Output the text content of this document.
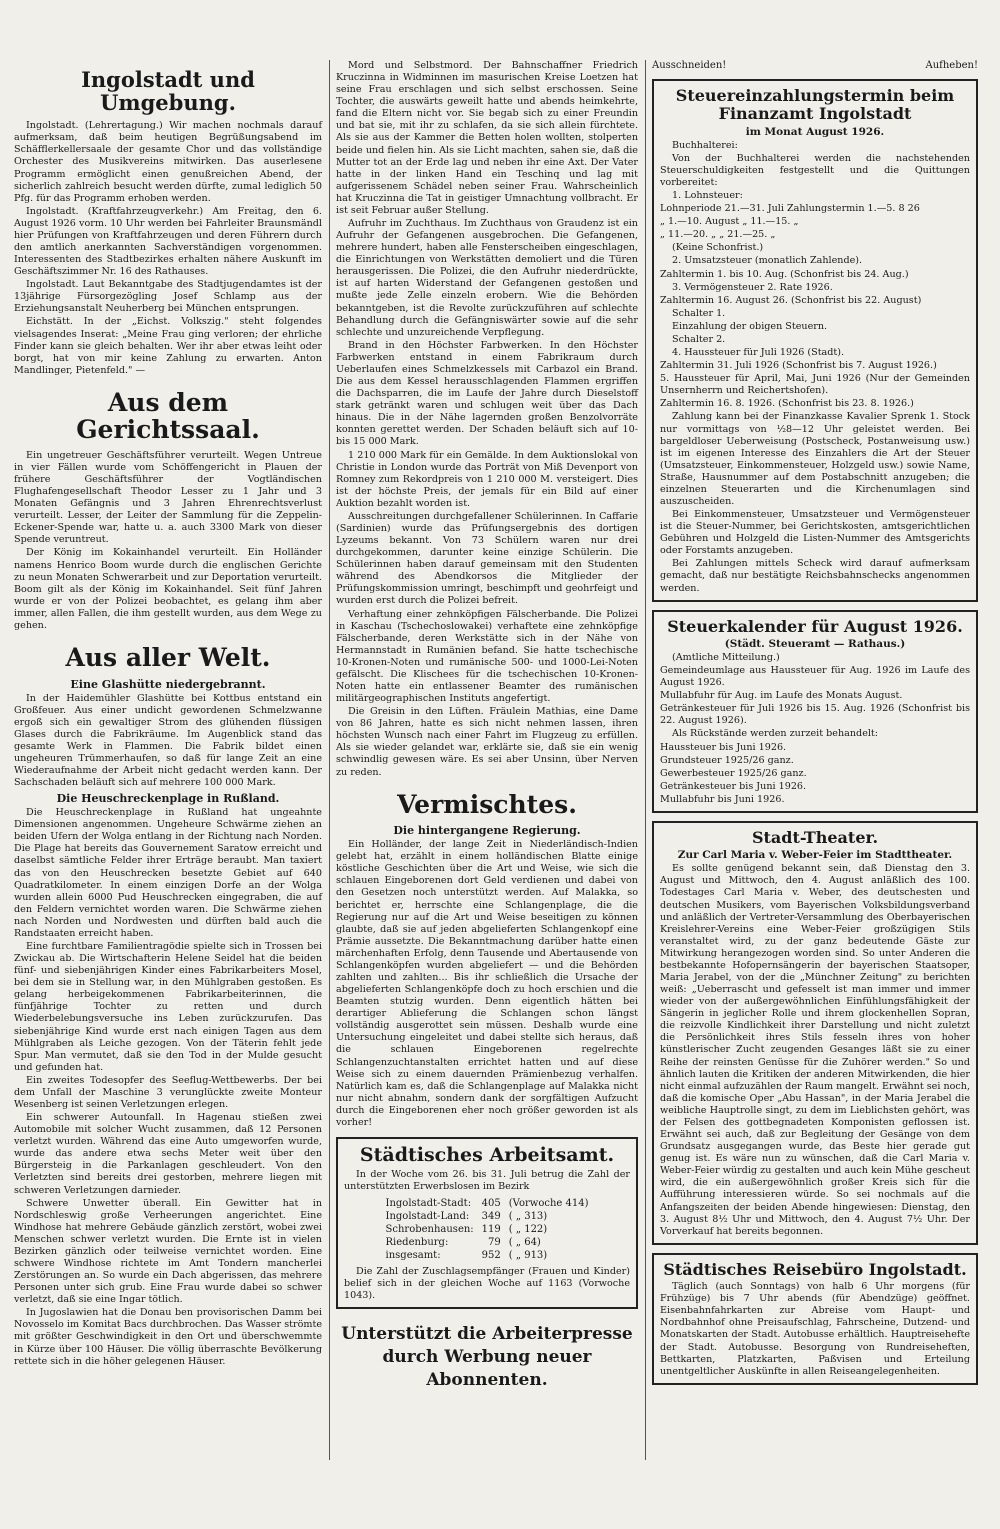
Ingolstadt und Umgebung.

Ingolstadt. (Lehrertagung.) Wir machen nochmals darauf aufmerksam, daß beim heutigen Begrüßungsabend im Schäfflerkellersaale der gesamte Chor und das vollständige Orchester des Musikvereins mitwirken. Das auserlesene Programm ermöglicht einen genußreichen Abend, der sicherlich zahlreich besucht werden dürfte, zumal lediglich 50 Pfg. für das Programm erhoben werden.

Ingolstadt. (Kraftfahrzeugverkehr.) Am Freitag, den 6. August 1926 vorm. 10 Uhr werden bei Fahrleiter Braunsmändl hier Prüfungen von Kraftfahrzeugen und deren Führern durch den amtlich anerkannten Sachverständigen vorgenommen. Interessenten des Stadtbezirkes erhalten nähere Auskunft im Geschäftszimmer Nr. 16 des Rathauses.

Ingolstadt. Laut Bekanntgabe des Stadtjugendamtes ist der 13jährige Fürsorgezögling Josef Schlamp aus der Erziehungsanstalt Neuherberg bei München entsprungen.

Eichstätt. In der „Eichst. Volkszig." steht folgendes vielsagendes Inserat: „Meine Frau ging verloren; der ehrliche Finder kann sie gleich behalten. Wer ihr aber etwas leiht oder borgt, hat von mir keine Zahlung zu erwarten. Anton Mandlinger, Pietenfeld." —

Aus dem Gerichtssaal.

Ein ungetreuer Geschäftsführer verurteilt. Wegen Untreue in vier Fällen wurde vom Schöffengericht in Plauen der frühere Geschäftsführer der Vogtländischen Flughafengesellschaft Theodor Lesser zu 1 Jahr und 3 Monaten Gefängnis und 3 Jahren Ehrenrechtsverlust verurteilt. Lesser, der Leiter der Sammlung für die Zeppelin-Eckener-Spende war, hatte u. a. auch 3300 Mark von dieser Spende veruntreut.

Der König im Kokainhandel verurteilt. Ein Holländer namens Henrico Boom wurde durch die englischen Gerichte zu neun Monaten Schwerarbeit und zur Deportation verurteilt. Boom gilt als der König im Kokainhandel. Seit fünf Jahren wurde er von der Polizei beobachtet, es gelang ihm aber immer, allen Fallen, die ihm gestellt wurden, aus dem Wege zu gehen.

Aus aller Welt.
Eine Glashütte niedergebrannt.

In der Haidemühler Glashütte bei Kottbus entstand ein Großfeuer. Aus einer undicht gewordenen Schmelzwanne ergoß sich ein gewaltiger Strom des glühenden flüssigen Glases durch die Fabrikräume. Im Augenblick stand das gesamte Werk in Flammen. Die Fabrik bildet einen ungeheuren Trümmerhaufen, so daß für lange Zeit an eine Wiederaufnahme der Arbeit nicht gedacht werden kann. Der Sachschaden beläuft sich auf mehrere 100 000 Mark.

Die Heuschreckenplage in Rußland.

Die Heuschreckenplage in Rußland hat ungeahnte Dimensionen angenommen. Ungeheure Schwärme ziehen an beiden Ufern der Wolga entlang in der Richtung nach Norden. Die Plage hat bereits das Gouvernement Saratow erreicht und daselbst sämtliche Felder ihrer Erträge beraubt. Man taxiert das von den Heuschrecken besetzte Gebiet auf 640 Quadratkilometer. In einem einzigen Dorfe an der Wolga wurden allein 6000 Pud Heuschrecken eingegraben, die auf den Feldern vernichtet worden waren. Die Schwärme ziehen nach Norden und Nordwesten und dürften bald auch die Randstaaten erreicht haben.

Eine furchtbare Familientragödie spielte sich in Trossen bei Zwickau ab. Die Wirtschafterin Helene Seidel hat die beiden fünf- und siebenjährigen Kinder eines Fabrikarbeiters Mosel, bei dem sie in Stellung war, in den Mühlgraben gestoßen. Es gelang herbeigekommenen Fabrikarbeiterinnen, die fünfjährige Tochter zu retten und durch Wiederbelebungsversuche ins Leben zurückzurufen. Das siebenjährige Kind wurde erst nach einigen Tagen aus dem Mühlgraben als Leiche gezogen. Von der Täterin fehlt jede Spur. Man vermutet, daß sie den Tod in der Mulde gesucht und gefunden hat.

Ein zweites Todesopfer des Seeflug-Wettbewerbs. Der bei dem Unfall der Maschine 3 verunglückte zweite Monteur Wesenberg ist seinen Verletzungen erlegen.

Ein schwerer Autounfall. In Hagenau stießen zwei Automobile mit solcher Wucht zusammen, daß 12 Personen verletzt wurden. Während das eine Auto umgeworfen wurde, wurde das andere etwa sechs Meter weit über den Bürgersteig in die Parkanlagen geschleudert. Von den Verletzten sind bereits drei gestorben, mehrere liegen mit schweren Verletzungen darnieder.

Schwere Unwetter überall. Ein Gewitter hat in Nordschleswig große Verheerungen angerichtet. Eine Windhose hat mehrere Gebäude gänzlich zerstört, wobei zwei Menschen schwer verletzt wurden. Die Ernte ist in vielen Bezirken gänzlich oder teilweise vernichtet worden. Eine schwere Windhose richtete im Amt Tondern mancherlei Zerstörungen an. So wurde ein Dach abgerissen, das mehrere Personen unter sich grub. Eine Frau wurde dabei so schwer verletzt, daß sie eine Ingar tötlich.

In Jugoslawien hat die Donau ben provisorischen Damm bei Novosselo im Komitat Bacs durchbrochen. Das Wasser strömte mit größter Geschwindigkeit in den Ort und überschwemmte in Kürze über 100 Häuser. Die völlig überraschte Bevölkerung rettete sich in die höher gelegenen Häuser.

Mord und Selbstmord. Der Bahnschaffner Friedrich Kruczinna in Widminnen im masurischen Kreise Loetzen hat seine Frau erschlagen und sich selbst erschossen. Seine Tochter, die auswärts geweilt hatte und abends heimkehrte, fand die Eltern nicht vor. Sie begab sich zu einer Freundin und bat sie, mit ihr zu schlafen, da sie sich allein fürchtete. Als sie aus der Kammer die Betten holen wollten, stolperten beide und fielen hin. Als sie Licht machten, sahen sie, daß die Mutter tot an der Erde lag und neben ihr eine Axt. Der Vater hatte in der linken Hand ein Teschinq und lag mit aufgerissenem Schädel neben seiner Frau. Wahrscheinlich hat Kruczinna die Tat in geistiger Umnachtung vollbracht. Er ist seit Februar außer Stellung.

Aufruhr im Zuchthaus. Im Zuchthaus von Graudenz ist ein Aufruhr der Gefangenen ausgebrochen. Die Gefangenen, mehrere hundert, haben alle Fensterscheiben eingeschlagen, die Einrichtungen von Werkstätten demoliert und die Türen herausgerissen. Die Polizei, die den Aufruhr niederdrückte, ist auf harten Widerstand der Gefangenen gestoßen und mußte jede Zelle einzeln erobern. Wie die Behörden bekanntgeben, ist die Revolte zurückzuführen auf schlechte Behandlung durch die Gefängniswärter sowie auf die sehr schlechte und unzureichende Verpflegung.

Brand in den Höchster Farbwerken. In den Höchster Farbwerken entstand in einem Fabrikraum durch Ueberlaufen eines Schmelzkessels mit Carbazol ein Brand. Die aus dem Kessel herausschlagenden Flammen ergriffen die Dachsparren, die im Laufe der Jahre durch Dieselstoff stark getränkt waren und schlugen weit über das Dach hinaus. Die in der Nähe lagernden großen Benzolvorräte konnten gerettet werden. Der Schaden beläuft sich auf 10- bis 15 000 Mark.

1 210 000 Mark für ein Gemälde. In dem Auktionslokal von Christie in London wurde das Porträt von Miß Devenport von Romney zum Rekordpreis von 1 210 000 M. versteigert. Dies ist der höchste Preis, der jemals für ein Bild auf einer Auktion bezahlt worden ist.

Ausschreitungen durchgefallener Schülerinnen. In Caffarie (Sardinien) wurde das Prüfungsergebnis des dortigen Lyzeums bekannt. Von 73 Schülern waren nur drei durchgekommen, darunter keine einzige Schülerin. Die Schülerinnen haben darauf gemeinsam mit den Studenten während des Abendkorsos die Mitglieder der Prüfungskommission umringt, beschimpft und geohrfeigt und wurden erst durch die Polizei befreit.

Verhaftung einer zehnköpfigen Fälscherbande. Die Polizei in Kaschau (Tschechoslowakei) verhaftete eine zehnköpfige Fälscherbande, deren Werkstätte sich in der Nähe von Hermannstadt in Rumänien befand. Sie hatte tschechische 10-Kronen-Noten und rumänische 500- und 1000-Lei-Noten gefälscht. Die Klischees für die tschechischen 10-Kronen-Noten hatte ein entlassener Beamter des rumänischen militärgeographischen Instituts angefertigt.

Die Greisin in den Lüften. Fräulein Mathias, eine Dame von 86 Jahren, hatte es sich nicht nehmen lassen, ihren höchsten Wunsch nach einer Fahrt im Flugzeug zu erfüllen. Als sie wieder gelandet war, erklärte sie, daß sie ein wenig schwindlig gewesen wäre. Es sei aber Unsinn, über Nerven zu reden.

Vermischtes.
Die hintergangene Regierung.

Ein Holländer, der lange Zeit in Niederländisch-Indien gelebt hat, erzählt in einem holländischen Blatte einige köstliche Geschichten über die Art und Weise, wie sich die schlauen Eingeborenen dort Geld verdienen und dabei von den Gesetzen noch unterstützt werden. Auf Malakka, so berichtet er, herrschte eine Schlangenplage, die die Regierung nur auf die Art und Weise beseitigen zu können glaubte, daß sie auf jeden abgelieferten Schlangenkopf eine Prämie aussetzte. Die Bekanntmachung darüber hatte einen märchenhaften Erfolg, denn Tausende und Abertausende von Schlangenköpfen wurden abgeliefert — und die Behörden zahlten und zahlten... Bis ihr schließlich die Ursache der abgelieferten Schlangenköpfe doch zu hoch erschien und die Beamten stutzig wurden. Denn eigentlich hätten bei derartiger Ablieferung die Schlangen schon längst vollständig ausgerottet sein müssen. Deshalb wurde eine Untersuchung eingeleitet und dabei stellte sich heraus, daß die schlauen Eingeborenen regelrechte Schlangenzuchtanstalten errichtet hatten und auf diese Weise sich zu einem dauernden Prämienbezug verhalfen. Natürlich kam es, daß die Schlangenplage auf Malakka nicht nur nicht abnahm, sondern dank der sorgfältigen Aufzucht durch die Eingeborenen eher noch größer geworden ist als vorher!

Städtisches Arbeitsamt.

In der Woche vom 26. bis 31. Juli betrug die Zahl der unterstützten Erwerbslosen im Bezirk

Ingolstadt-Stadt:	405	(Vorwoche 414)
Ingolstadt-Land:	349	( „ 313)
Schrobenhausen:	119	( „ 122)
Riedenburg:	79	( „ 64)
insgesamt:	952	( „ 913)

Die Zahl der Zuschlagsempfänger (Frauen und Kinder) belief sich in der gleichen Woche auf 1163 (Vorwoche 1043).

Unterstützt die Arbeiterpresse durch Werbung neuer Abonnenten.
Ausschneiden!	Aufheben!
Steuereinzahlungstermin beim Finanzamt Ingolstadt
im Monat August 1926.

Buchhalterei:

Von der Buchhalterei werden die nachstehenden Steuerschuldigkeiten festgestellt und die Quittungen vorbereitet:

1. Lohnsteuer:

Lohnperiode 21.—31. Juli Zahlungstermin 1.—5. 8 26

„ 1.—10. August „ 11.—15. „

„ 11.—20. „ „ 21.—25. „

(Keine Schonfrist.)

2. Umsatzsteuer (monatlich Zahlende).

Zahltermin 1. bis 10. Aug. (Schonfrist bis 24. Aug.)

3. Vermögensteuer 2. Rate 1926.

Zahltermin 16. August 26. (Schonfrist bis 22. August)

Schalter 1.

Einzahlung der obigen Steuern.

Schalter 2.

4. Haussteuer für Juli 1926 (Stadt).

Zahltermin 31. Juli 1926 (Schonfrist bis 7. August 1926.)

5. Haussteuer für April, Mai, Juni 1926 (Nur der Gemeinden Unsernherrn und Reichertshofen).

Zahltermin 16. 8. 1926. (Schonfrist bis 23. 8. 1926.)

Zahlung kann bei der Finanzkasse Kavalier Sprenk 1. Stock nur vormittags von ½8—12 Uhr geleistet werden. Bei bargeldloser Ueberweisung (Postscheck, Postanweisung usw.) ist im eigenen Interesse des Einzahlers die Art der Steuer (Umsatzsteuer, Einkommensteuer, Holzgeld usw.) sowie Name, Straße, Hausnummer auf dem Postabschnitt anzugeben; die einzelnen Steuerarten und die Kirchenumlagen sind auszuscheiden.

Bei Einkommensteuer, Umsatzsteuer und Vermögensteuer ist die Steuer-Nummer, bei Gerichtskosten, amtsgerichtlichen Gebühren und Holzgeld die Listen-Nummer des Amtsgerichts oder Forstamts anzugeben.

Bei Zahlungen mittels Scheck wird darauf aufmerksam gemacht, daß nur bestätigte Reichsbahnschecks angenommen werden.

Steuerkalender für August 1926.
(Städt. Steueramt — Rathaus.)

(Amtliche Mitteilung.)

Gemeindeumlage aus Haussteuer für Aug. 1926 im Laufe des August 1926.

Mullabfuhr für Aug. im Laufe des Monats August.

Getränkesteuer für Juli 1926 bis 15. Aug. 1926 (Schonfrist bis 22. August 1926).

Als Rückstände werden zurzeit behandelt:

Haussteuer bis Juni 1926.

Grundsteuer 1925/26 ganz.

Gewerbesteuer 1925/26 ganz.

Getränkesteuer bis Juni 1926.

Mullabfuhr bis Juni 1926.

Stadt-Theater.
Zur Carl Maria v. Weber-Feier im Stadttheater.

Es sollte genügend bekannt sein, daß Dienstag den 3. August und Mittwoch, den 4. August anläßlich des 100. Todestages Carl Maria v. Weber, des deutschesten und deutschen Musikers, vom Bayerischen Volksbildungsverband und anläßlich der Vertreter-Versammlung des Oberbayerischen Kreislehrer-Vereins eine Weber-Feier großzügigen Stils veranstaltet wird, zu der ganz bedeutende Gäste zur Mitwirkung herangezogen worden sind. So unter Anderen die bestbekannte Hofopernsängerin der bayerischen Staatsoper, Maria Jerabel, von der die „Münchner Zeitung" zu berichten weiß: „Ueberrascht und gefesselt ist man immer und immer wieder von der außergewöhnlichen Einfühlungsfähigkeit der Sängerin in jeglicher Rolle und ihrem glockenhellen Sopran, die reizvolle Kindlichkeit ihrer Darstellung und nicht zuletzt die Persönlichkeit ihres Stils fesseln ihres von hoher künstlerischer Zucht zeugenden Gesanges läßt sie zu einer Reihe der reinsten Genüsse für die Zuhörer werden." So und ähnlich lauten die Kritiken der anderen Mitwirkenden, die hier nicht einmal aufzuzählen der Raum mangelt. Erwähnt sei noch, daß die komische Oper „Abu Hassan", in der Maria Jerabel die weibliche Hauptrolle singt, zu dem im Lieblichsten gehört, was der Felsen des gottbegnadeten Komponisten geflossen ist. Erwähnt sei auch, daß zur Begleitung der Gesänge von dem Grundsatz ausgegangen wurde, das Beste hier gerade gut genug ist. Es wäre nun zu wünschen, daß die Carl Maria v. Weber-Feier würdig zu gestalten und auch kein Mühe gescheut wird, die ein außergewöhnlich großer Kreis sich für die Aufführung interessieren würde. So sei nochmals auf die Anfangszeiten der beiden Abende hingewiesen: Dienstag, den 3. August 8½ Uhr und Mittwoch, den 4. August 7½ Uhr. Der Vorverkauf hat bereits begonnen.

Städtisches Reisebüro Ingolstadt.

Täglich (auch Sonntags) von halb 6 Uhr morgens (für Frühzüge) bis 7 Uhr abends (für Abendzüge) geöffnet. Eisenbahnfahrkarten zur Abreise vom Haupt- und Nordbahnhof ohne Preisaufschlag, Fahrscheine, Dutzend- und Monatskarten der Stadt. Autobusse erhältlich. Hauptreisehefte der Stadt. Autobusse. Besorgung von Rundreiseheften, Bettkarten, Platzkarten, Paßvisen und Erteilung unentgeltlicher Auskünfte in allen Reiseangelegenheiten.
